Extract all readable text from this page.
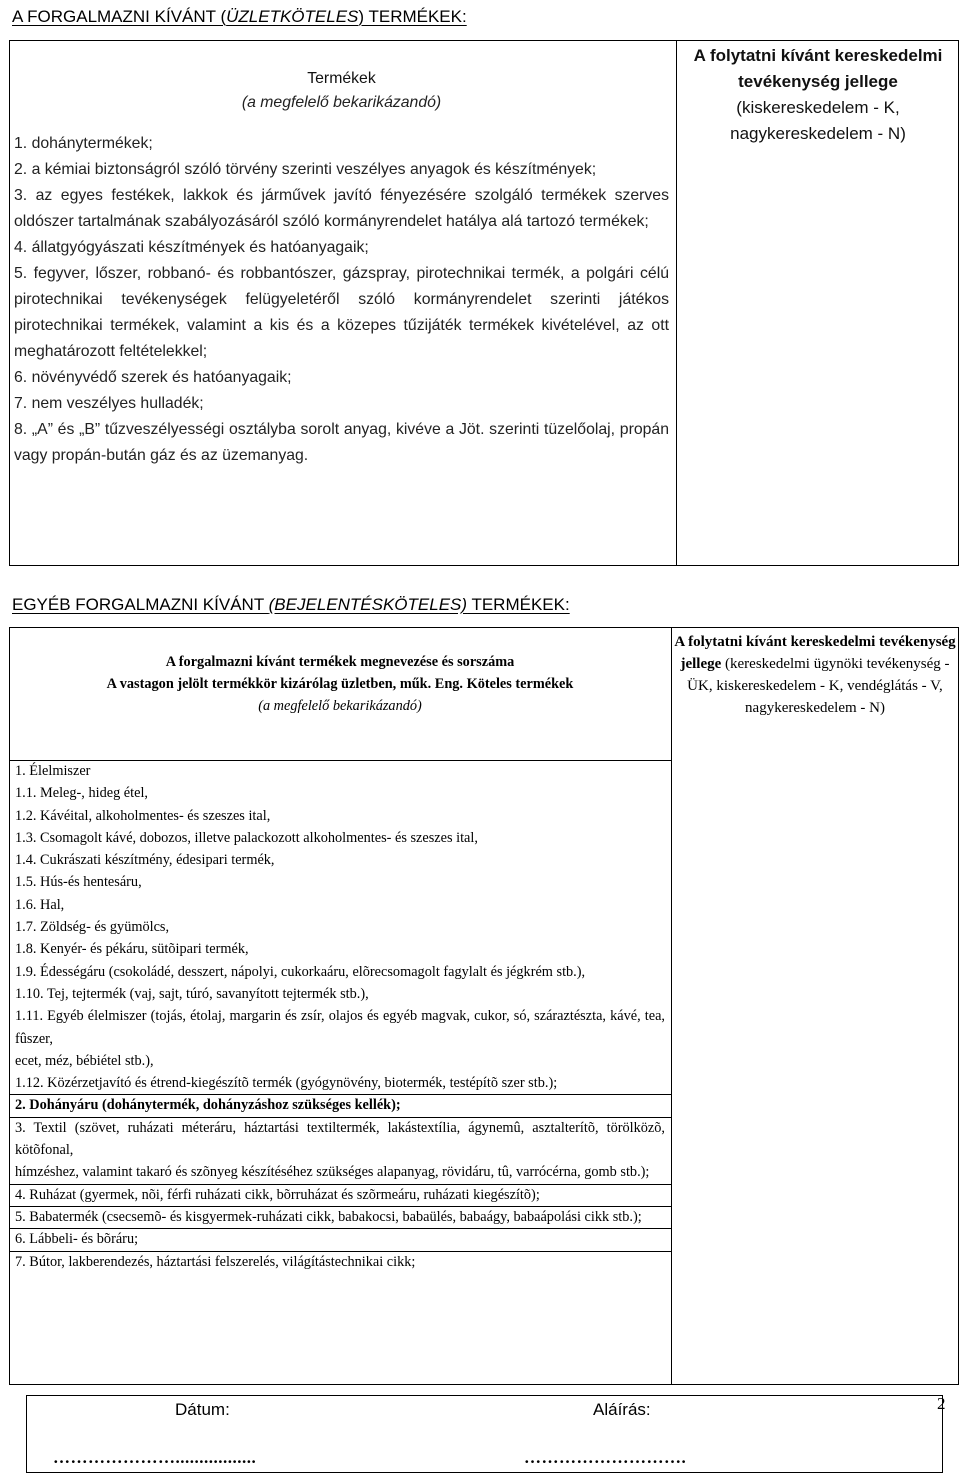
A FORGALMAZNI KÍVÁNT (ÜZLETKÖTELES) TERMÉKEK:
Termékek
(a megfelelő bekarikázandó)

1. dohánytermékek;

2. a kémiai biztonságról szóló törvény szerinti veszélyes anyagok és készítmények;

3. az egyes festékek, lakkok és járművek javító fényezésére szolgáló termékek szerves oldószer tartalmának szabályozásáról szóló kormányrendelet hatálya alá tartozó termékek;

4. állatgyógyászati készítmények és hatóanyagaik;

5. fegyver, lőszer, robbanó- és robbantószer, gázspray, pirotechnikai termék, a polgári célú pirotechnikai tevékenységek felügyeletéről szóló kormányrendelet szerinti játékos pirotechnikai termékek, valamint a kis és a közepes tűzijáték termékek kivételével, az ott meghatározott feltételekkel;

6. növényvédő szerek és hatóanyagaik;

7. nem veszélyes hulladék;

8. „A” és „B” tűzveszélyességi osztályba sorolt anyag, kivéve a Jöt. szerinti tüzelőolaj, propán vagy propán-bután gáz és az üzemanyag.

A folytatni kívánt kereskedelmi tevékenység jellege (kiskereskedelem - K, nagykereskedelem - N)
EGYÉB FORGALMAZNI KÍVÁNT (BEJELENTÉSKÖTELES) TERMÉKEK:
A forgalmazni kívánt termékek megnevezése és sorszáma
A vastagon jelölt termékkör kizárólag üzletben, műk. Eng. Köteles termékek
(a megfelelő bekarikázandó)

1. Élelmiszer

1.1. Meleg-, hideg étel,

1.2. Kávéital, alkoholmentes- és szeszes ital,

1.3. Csomagolt kávé, dobozos, illetve palackozott alkoholmentes- és szeszes ital,

1.4. Cukrászati készítmény, édesipari termék,

1.5. Hús-és hentesáru,

1.6. Hal,

1.7. Zöldség- és gyümölcs,

1.8. Kenyér- és pékáru, sütõipari termék,

1.9. Édességáru (csokoládé, desszert, nápolyi, cukorkaáru, elõrecsomagolt fagylalt és jégkrém stb.),

1.10. Tej, tejtermék (vaj, sajt, túró, savanyított tejtermék stb.),

1.11. Egyéb élelmiszer (tojás, étolaj, margarin és zsír, olajos és egyéb magvak, cukor, só, száraztészta, kávé, tea, fûszer,

ecet, méz, bébiétel stb.),

1.12. Közérzetjavító és étrend-kiegészítõ termék (gyógynövény, biotermék, testépítõ szer stb.);

2. Dohányáru (dohánytermék, dohányzáshoz szükséges kellék);

3. Textil (szövet, ruházati méteráru, háztartási textiltermék, lakástextília, ágynemû, asztalterítõ, törölközõ, kötõfonal,

hímzéshez, valamint takaró és szõnyeg készítéséhez szükséges alapanyag, rövidáru, tû, varrócérna, gomb stb.);

4. Ruházat (gyermek, nõi, férfi ruházati cikk, bõrruházat és szõrmeáru, ruházati kiegészítõ);

5. Babatermék (csecsemõ- és kisgyermek-ruházati cikk, babakocsi, babaülés, babaágy, babaápolási cikk stb.);

6. Lábbeli- és bõráru;

7. Bútor, lakberendezés, háztartási felszerelés, világítástechnikai cikk;

A folytatni kívánt kereskedelmi tevékenység jellege (kereskedelmi ügynöki tevékenység - ÜK, kiskereskedelem - K, vendéglátás - V, nagykereskedelem - N)
Dátum:	Aláírás:
………………….................	……………………….
2
